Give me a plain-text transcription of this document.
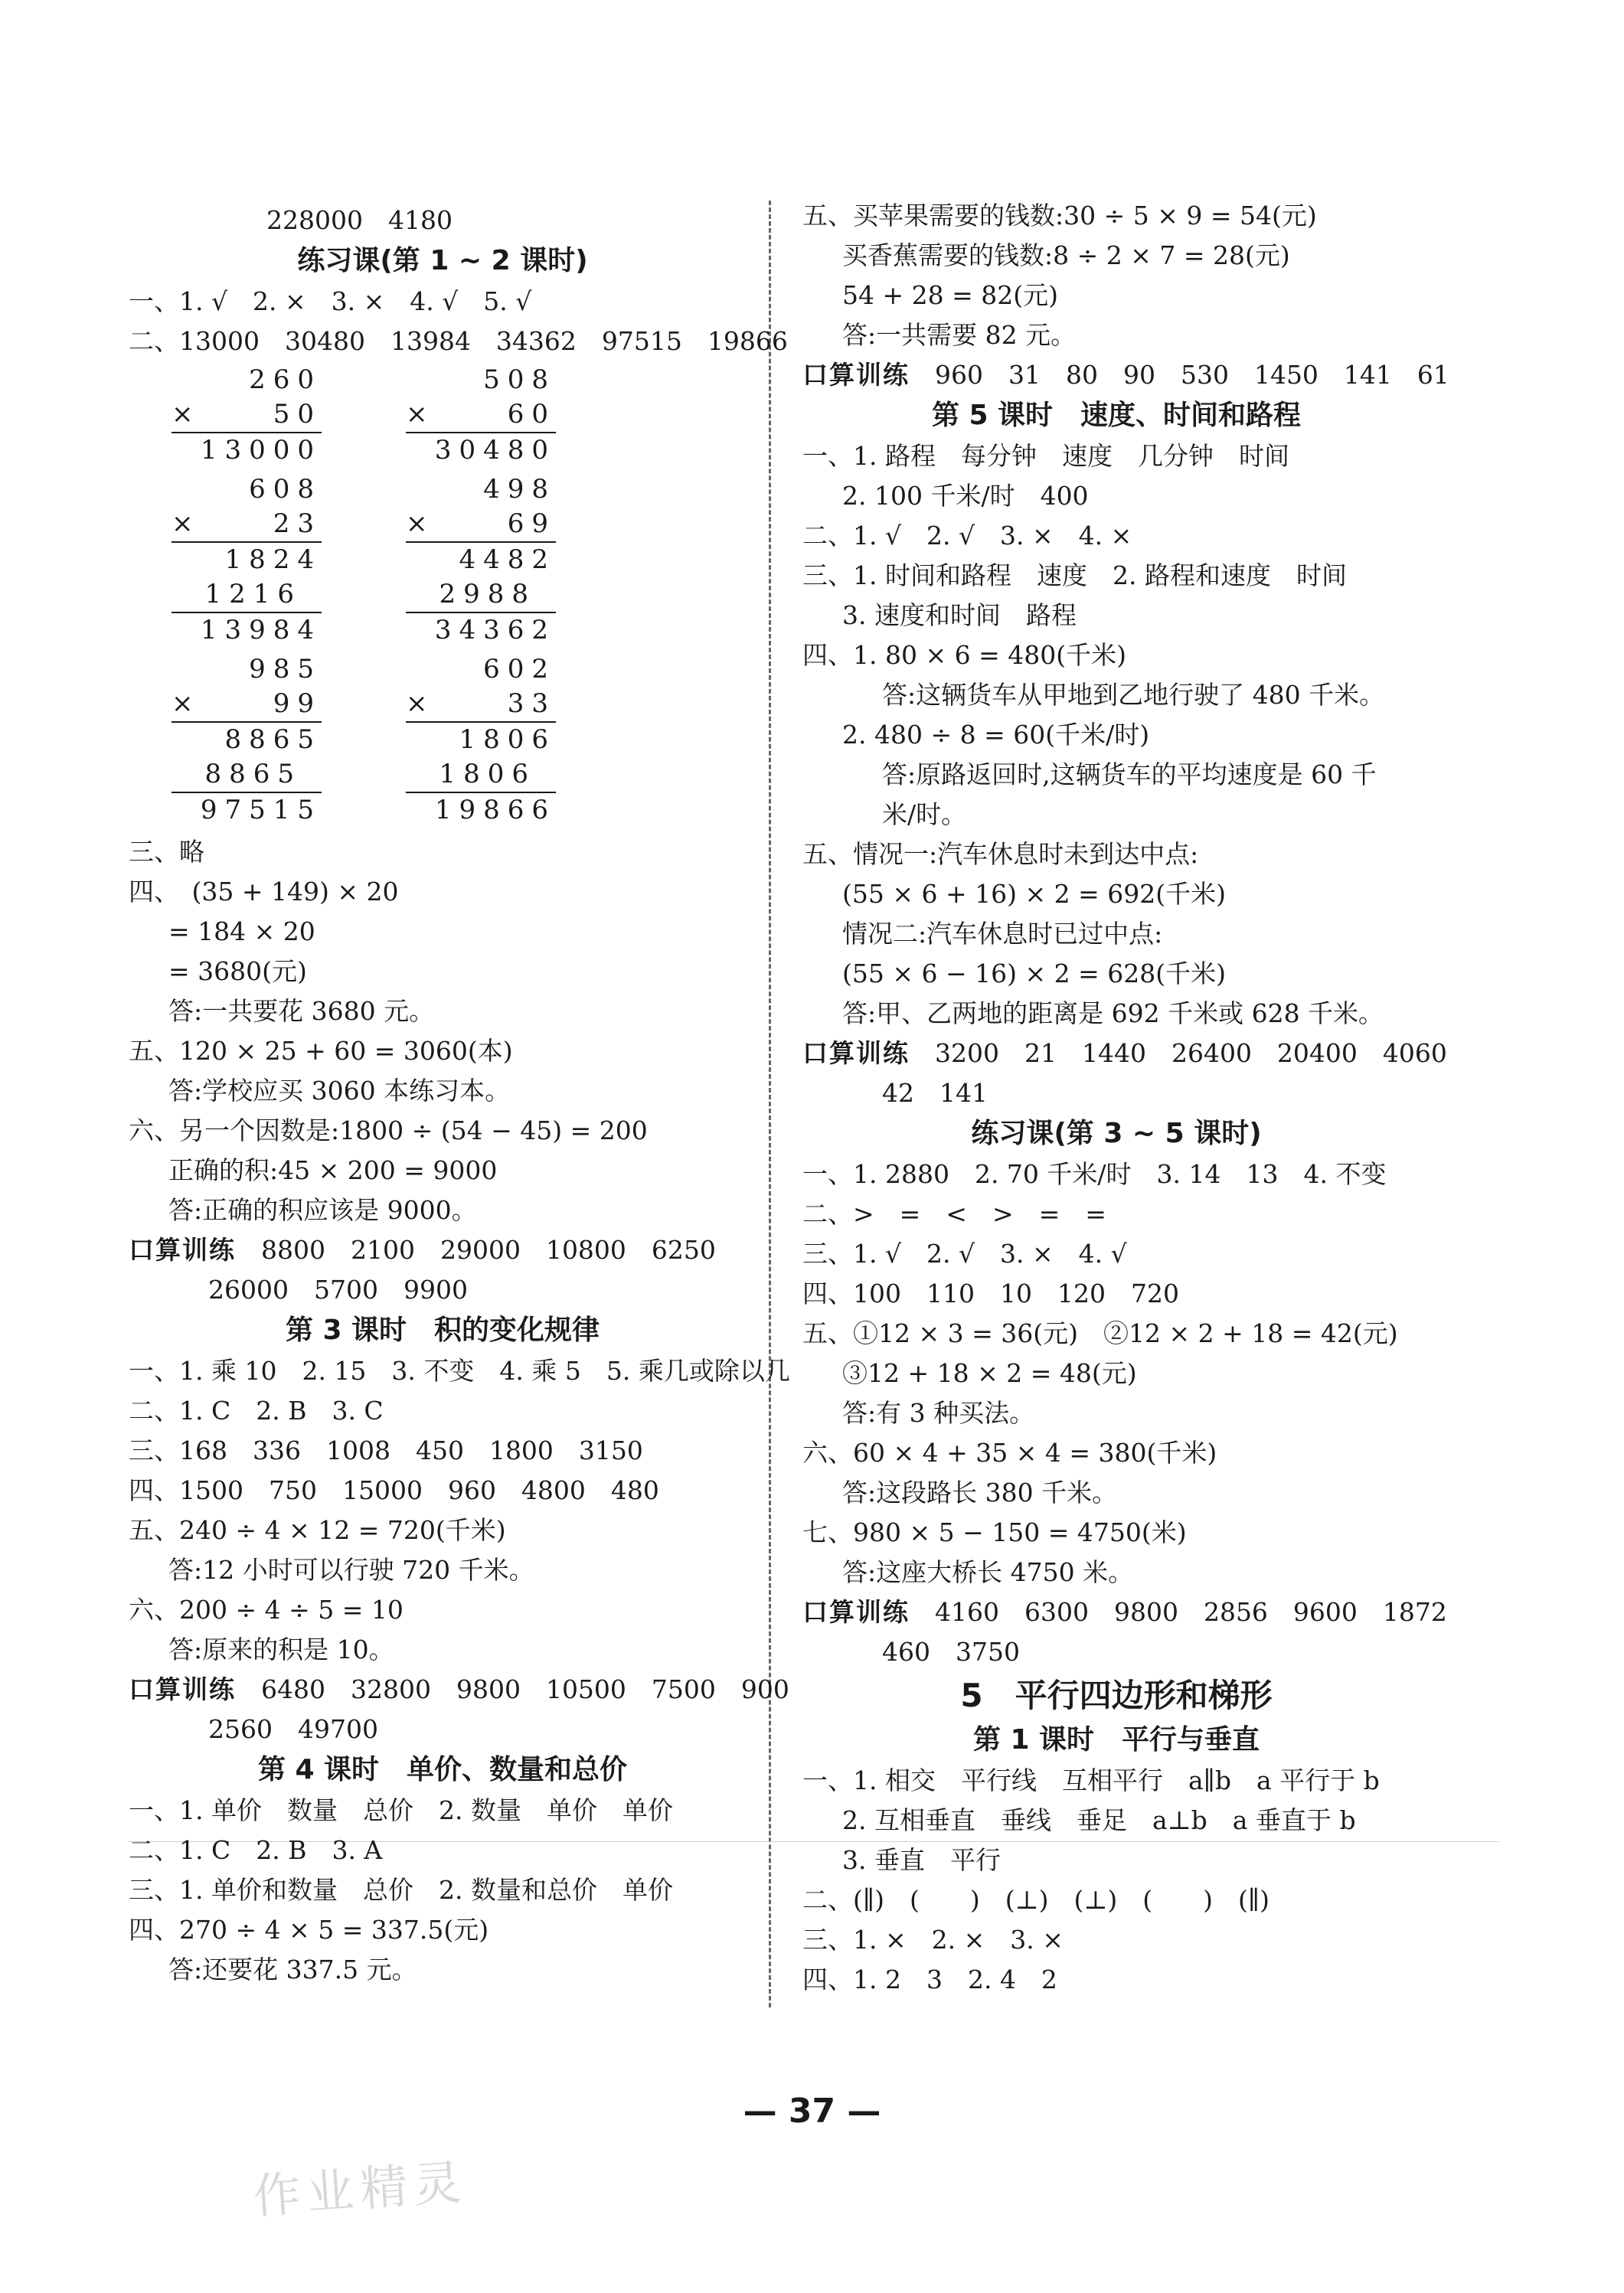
228000　4180
练习课(第 1 ~ 2 课时)
一、1. √　2. ×　3. ×　4. √　5. √
二、13000　30480　13984　34362　97515　19866
260
×	50
13000
508
×	60
30480
608
×	23
1824
1216
13984
498
×	69
4482
2988
34362
985
×	99
8865
8865
97515
602
×	33
1806
1806
19866
三、略
四、　(35 + 149) × 20
= 184 × 20
= 3680(元)
答:一共要花 3680 元。
五、120 × 25 + 60 = 3060(本)
答:学校应买 3060 本练习本。
六、另一个因数是:1800 ÷ (54 − 45) = 200
正确的积:45 × 200 = 9000
答:正确的积应该是 9000。
口算训练　8800　2100　29000　10800　6250
26000　5700　9900
第 3 课时　积的变化规律
一、1. 乘 10　2. 15　3. 不变　4. 乘 5　5. 乘几或除以几
二、1. C　2. B　3. C
三、168　336　1008　450　1800　3150
四、1500　750　15000　960　4800　480
五、240 ÷ 4 × 12 = 720(千米)
答:12 小时可以行驶 720 千米。
六、200 ÷ 4 ÷ 5 = 10
答:原来的积是 10。
口算训练　6480　32800　9800　10500　7500　900
2560　49700
第 4 课时　单价、数量和总价
一、1. 单价　数量　总价　2. 数量　单价　单价
二、1. C　2. B　3. A
三、1. 单价和数量　总价　2. 数量和总价　单价
四、270 ÷ 4 × 5 = 337.5(元)
答:还要花 337.5 元。
五、买苹果需要的钱数:30 ÷ 5 × 9 = 54(元)
买香蕉需要的钱数:8 ÷ 2 × 7 = 28(元)
54 + 28 = 82(元)
答:一共需要 82 元。
口算训练　960　31　80　90　530　1450　141　61
第 5 课时　速度、时间和路程
一、1. 路程　每分钟　速度　几分钟　时间
2. 100 千米/时　400
二、1. √　2. √　3. ×　4. ×
三、1. 时间和路程　速度　2. 路程和速度　时间
3. 速度和时间　路程
四、1. 80 × 6 = 480(千米)
答:这辆货车从甲地到乙地行驶了 480 千米。
2. 480 ÷ 8 = 60(千米/时)
答:原路返回时,这辆货车的平均速度是 60 千
米/时。
五、情况一:汽车休息时未到达中点:
(55 × 6 + 16) × 2 = 692(千米)
情况二:汽车休息时已过中点:
(55 × 6 − 16) × 2 = 628(千米)
答:甲、乙两地的距离是 692 千米或 628 千米。
口算训练　3200　21　1440　26400　20400　4060
42　141
练习课(第 3 ~ 5 课时)
一、1. 2880　2. 70 千米/时　3. 14　13　4. 不变
二、>　=　<　>　=　=
三、1. √　2. √　3. ×　4. √
四、100　110　10　120　720
五、①12 × 3 = 36(元)　②12 × 2 + 18 = 42(元)
③12 + 18 × 2 = 48(元)
答:有 3 种买法。
六、60 × 4 + 35 × 4 = 380(千米)
答:这段路长 380 千米。
七、980 × 5 − 150 = 4750(米)
答:这座大桥长 4750 米。
口算训练　4160　6300　9800　2856　9600　1872
460　3750
5　平行四边形和梯形
第 1 课时　平行与垂直
一、1. 相交　平行线　互相平行　a∥b　a 平行于 b
2. 互相垂直　垂线　垂足　a⊥b　a 垂直于 b
3. 垂直　平行
二、(∥)　(　　)　(⊥)　(⊥)　(　　)　(∥)
三、1. ×　2. ×　3. ×
四、1. 2　3　2. 4　2
— 37 —
作业精灵
